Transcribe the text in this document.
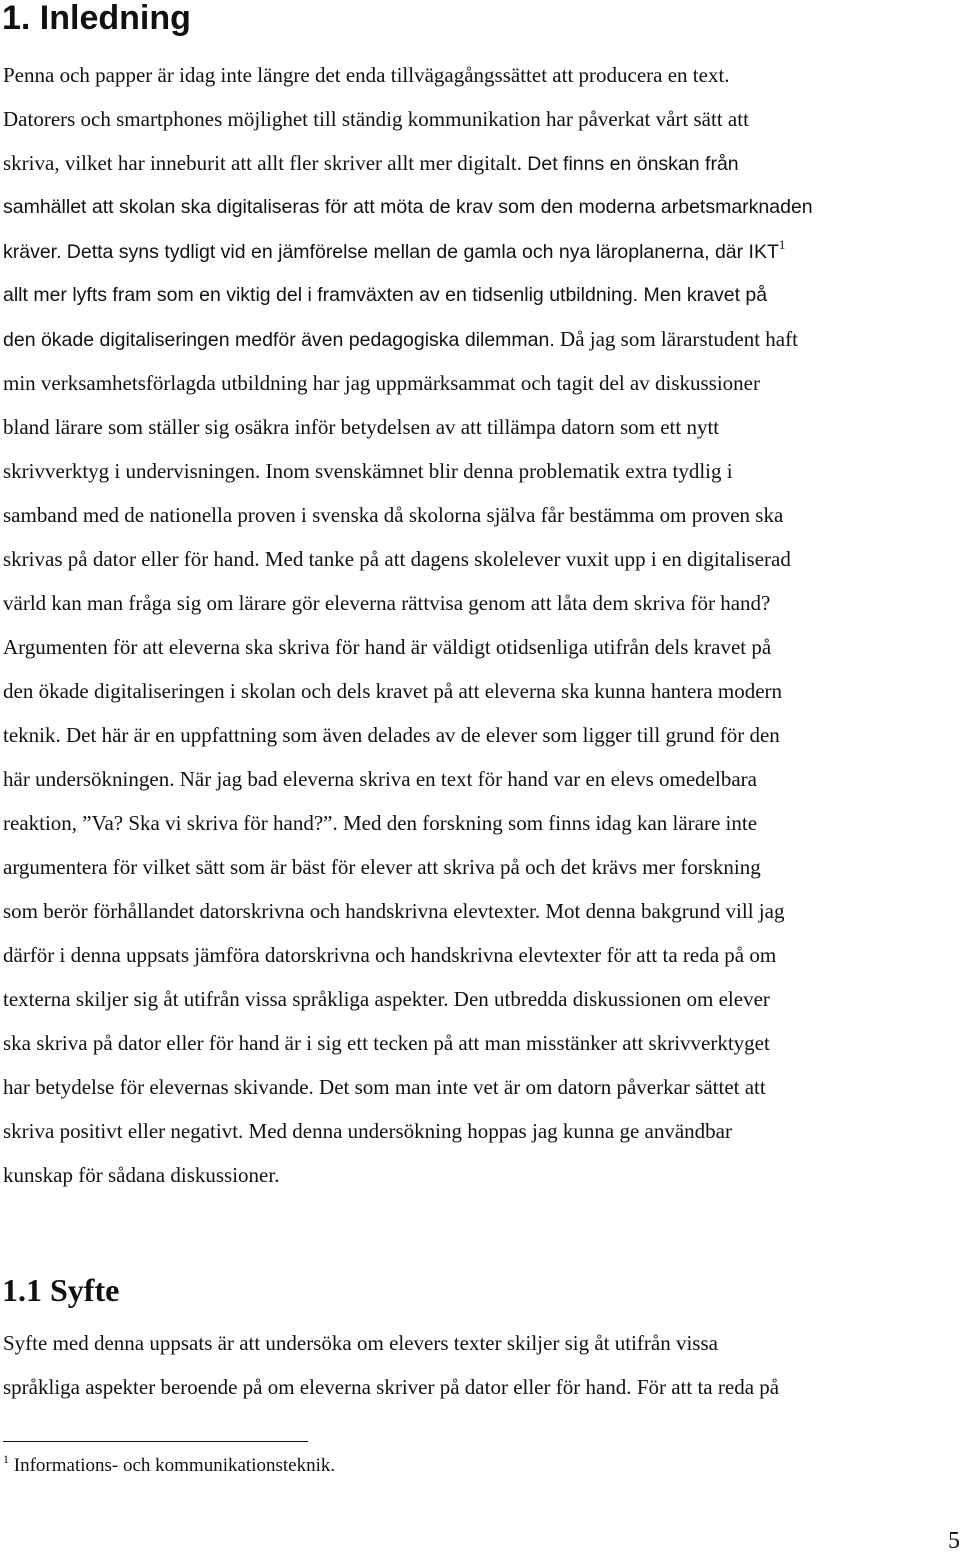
1. Inledning
Penna och papper är idag inte längre det enda tillvägagångssättet att producera en text.
Datorers och smartphones möjlighet till ständig kommunikation har påverkat vårt sätt att
skriva, vilket har inneburit att allt fler skriver allt mer digitalt. Det finns en önskan från
samhället att skolan ska digitaliseras för att möta de krav som den moderna arbetsmarknaden
kräver. Detta syns tydligt vid en jämförelse mellan de gamla och nya läroplanerna, där IKT$^1$
allt mer lyfts fram som en viktig del i framväxten av en tidsenlig utbildning. Men kravet på
den ökade digitaliseringen medför även pedagogiska dilemman. Då jag som lärarstudent haft
min verksamhetsförlagda utbildning har jag uppmärksammat och tagit del av diskussioner
bland lärare som ställer sig osäkra inför betydelsen av att tillämpa datorn som ett nytt
skrivverktyg i undervisningen. Inom svenskämnet blir denna problematik extra tydlig i
samband med de nationella proven i svenska då skolorna själva får bestämma om proven ska
skrivas på dator eller för hand. Med tanke på att dagens skolelever vuxit upp i en digitaliserad
värld kan man fråga sig om lärare gör eleverna rättvisa genom att låta dem skriva för hand?
Argumenten för att eleverna ska skriva för hand är väldigt otidsenliga utifrån dels kravet på
den ökade digitaliseringen i skolan och dels kravet på att eleverna ska kunna hantera modern
teknik. Det här är en uppfattning som även delades av de elever som ligger till grund för den
här undersökningen. När jag bad eleverna skriva en text för hand var en elevs omedelbara
reaktion, ”Va? Ska vi skriva för hand?”. Med den forskning som finns idag kan lärare inte
argumentera för vilket sätt som är bäst för elever att skriva på och det krävs mer forskning
som berör förhållandet datorskrivna och handskrivna elevtexter. Mot denna bakgrund vill jag
därför i denna uppsats jämföra datorskrivna och handskrivna elevtexter för att ta reda på om
texterna skiljer sig åt utifrån vissa språkliga aspekter. Den utbredda diskussionen om elever
ska skriva på dator eller för hand är i sig ett tecken på att man misstänker att skrivverktyget
har betydelse för elevernas skivande. Det som man inte vet är om datorn påverkar sättet att
skriva positivt eller negativt. Med denna undersökning hoppas jag kunna ge användbar
kunskap för sådana diskussioner.
1.1 Syfte
Syfte med denna uppsats är att undersöka om elevers texter skiljer sig åt utifrån vissa
språkliga aspekter beroende på om eleverna skriver på dator eller för hand. För att ta reda på
$^1$ Informations- och kommunikationsteknik.
5
